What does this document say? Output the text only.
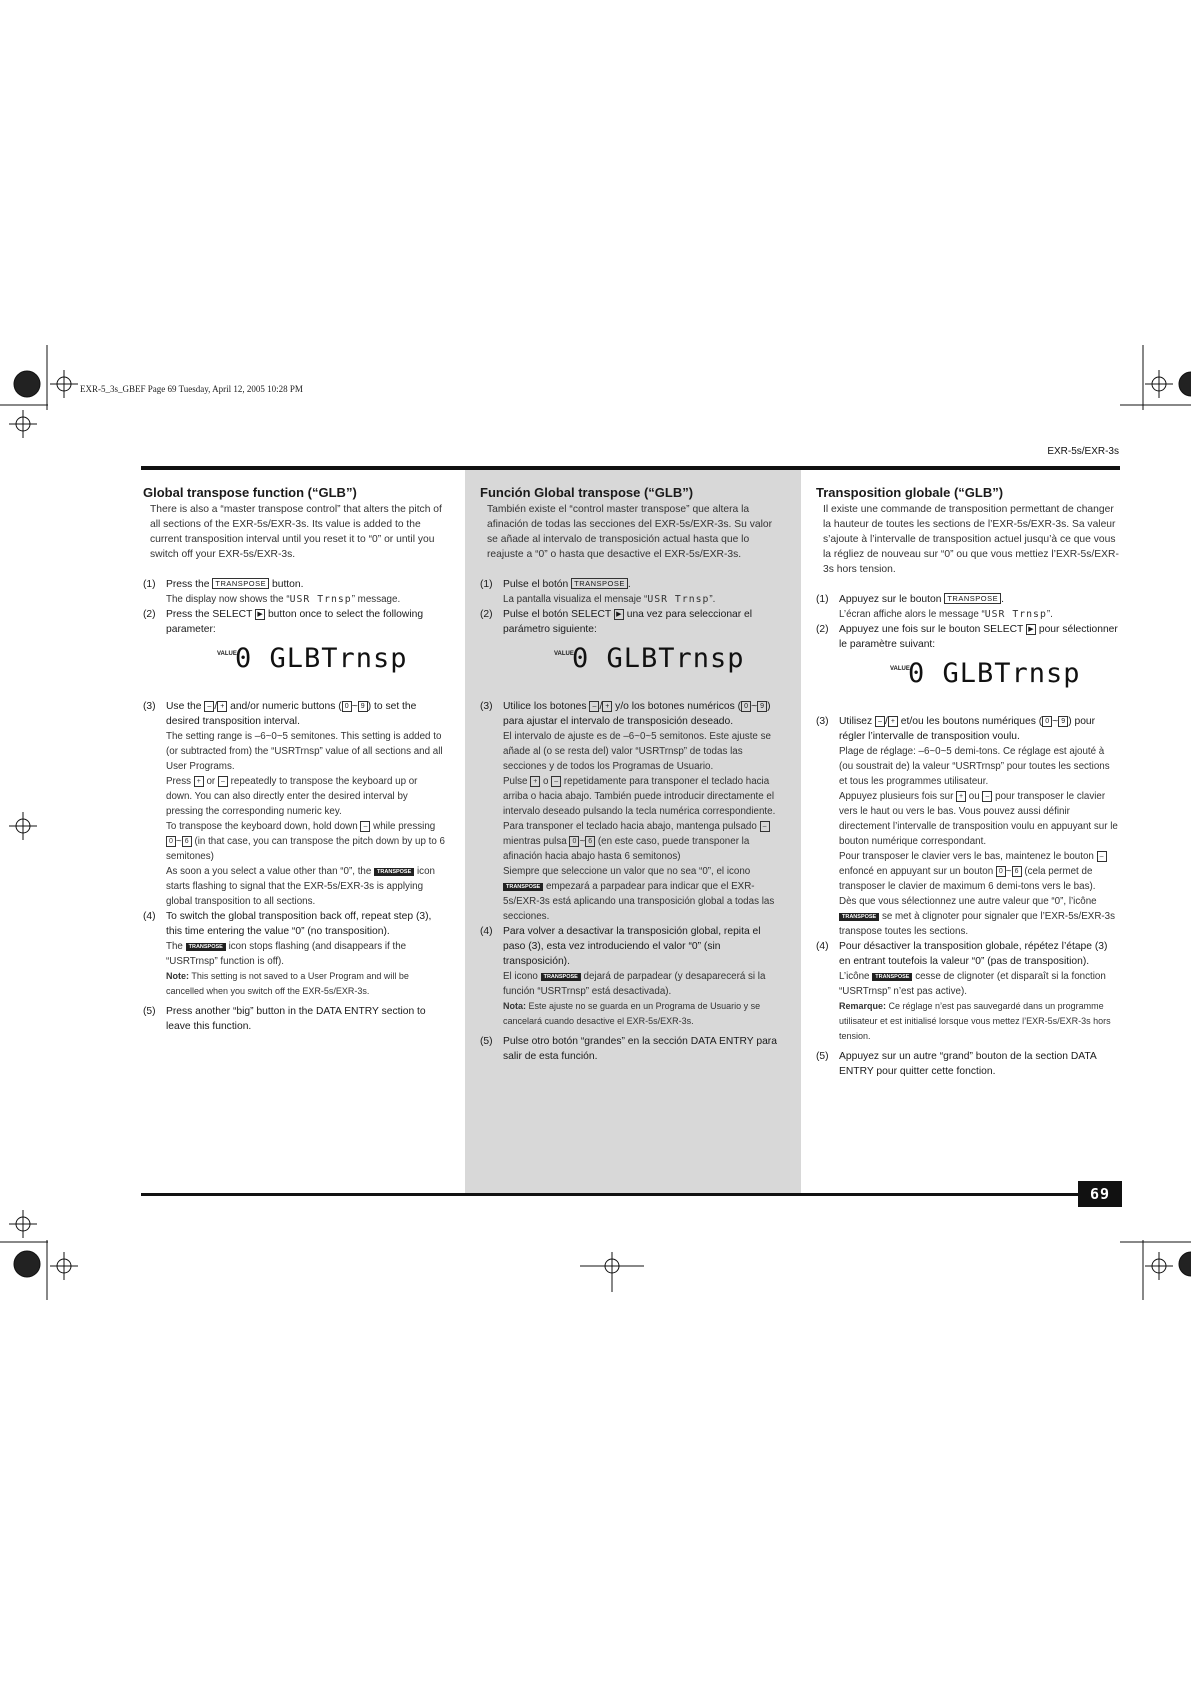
EXR-5_3s_GBEF Page 69 Tuesday, April 12, 2005 10:28 PM
EXR-5s/EXR-3s
69
Global transpose function (“GLB”)

There is also a “master transpose control” that alters the pitch of all sections of the EXR-5s/EXR-3s. Its value is added to the current transposition interval until you reset it to “0” or until you switch off your EXR-5s/EXR-3s.

(1)	Press the TRANSPOSE button.
The display now shows the “USR Trnsp” message.
(2)	Press the SELECT ▶ button once to select the following parameter:
VALUE
0 GLBTrnsp
(3)	Use the – / + and/or numeric buttons ( 0 ~ 9 ) to set the desired transposition interval.

The setting range is –6~0~5 semitones. This setting is added to (or subtracted from) the “USRTrnsp” value of all sections and all User Programs.

Press + or – repeatedly to transpose the keyboard up or down. You can also directly enter the desired interval by pressing the corresponding numeric key.

To transpose the keyboard down, hold down – while pressing 0 ~ 6 (in that case, you can transpose the pitch down by up to 6 semitones)

As soon a you select a value other than “0”, the TRANSPOSE icon starts flashing to signal that the EXR-5s/EXR-3s is applying global transposition to all sections.

(4)	To switch the global transposition back off, repeat step (3), this time entering the value “0” (no transposition).

The TRANSPOSE icon stops flashing (and disappears if the “USRTrnsp” function is off).

Note: This setting is not saved to a User Program and will be cancelled when you switch off the EXR-5s/EXR-3s.

(5)	Press another “big” button in the DATA ENTRY section to leave this function.
Función Global transpose (“GLB”)

También existe el “control master transpose” que altera la afinación de todas las secciones del EXR-5s/EXR-3s. Su valor se añade al intervalo de transposición actual hasta que lo reajuste a “0” o hasta que desactive el EXR-5s/EXR-3s.

(1)	Pulse el botón TRANSPOSE .
La pantalla visualiza el mensaje “USR Trnsp”.
(2)	Pulse el botón SELECT ▶ una vez para seleccionar el parámetro siguiente:
VALUE
0 GLBTrnsp
(3)	Utilice los botones – / + y/o los botones numéricos ( 0 ~ 9 ) para ajustar el intervalo de transposición deseado.

El intervalo de ajuste es de –6~0~5 semitonos. Este ajuste se añade al (o se resta del) valor “USRTrnsp” de todas las secciones y de todos los Programas de Usuario.

Pulse + o – repetidamente para transponer el teclado hacia arriba o hacia abajo. También puede introducir directamente el intervalo deseado pulsando la tecla numérica correspondiente.

Para transponer el teclado hacia abajo, mantenga pulsado – mientras pulsa 0 ~ 6 (en este caso, puede transponer la afinación hacia abajo hasta 6 semitonos)

Siempre que seleccione un valor que no sea “0”, el icono TRANSPOSE empezará a parpadear para indicar que el EXR-5s/EXR-3s está aplicando una transposición global a todas las secciones.

(4)	Para volver a desactivar la transposición global, repita el paso (3), esta vez introduciendo el valor “0” (sin transposición).

El icono TRANSPOSE dejará de parpadear (y desaparecerá si la función “USRTrnsp” está desactivada).

Nota: Este ajuste no se guarda en un Programa de Usuario y se cancelará cuando desactive el EXR-5s/EXR-3s.

(5)	Pulse otro botón “grandes” en la sección DATA ENTRY para salir de esta función.
Transposition globale (“GLB”)

Il existe une commande de transposition permettant de changer la hauteur de toutes les sections de l’EXR-5s/EXR-3s. Sa valeur s’ajoute à l’intervalle de transposition actuel jusqu’à ce que vous la régliez de nouveau sur “0” ou que vous mettiez l’EXR-5s/EXR-3s hors tension.

(1)	Appuyez sur le bouton TRANSPOSE .
L’écran affiche alors le message “USR Trnsp”.
(2)	Appuyez une fois sur le bouton SELECT ▶ pour sélectionner le paramètre suivant:
VALUE
0 GLBTrnsp
(3)	Utilisez – / + et/ou les boutons numériques ( 0 ~ 9 ) pour régler l’intervalle de transposition voulu.

Plage de réglage: –6~0~5 demi-tons. Ce réglage est ajouté à (ou soustrait de) la valeur “USRTrnsp” pour toutes les sections et tous les programmes utilisateur.

Appuyez plusieurs fois sur + ou – pour transposer le clavier vers le haut ou vers le bas. Vous pouvez aussi définir directement l’intervalle de transposition voulu en appuyant sur le bouton numérique correspondant.

Pour transposer le clavier vers le bas, maintenez le bouton – enfoncé en appuyant sur un bouton 0 ~ 6 (cela permet de transposer le clavier de maximum 6 demi-tons vers le bas).

Dès que vous sélectionnez une autre valeur que “0”, l’icône TRANSPOSE se met à clignoter pour signaler que l’EXR-5s/EXR-3s transpose toutes les sections.

(4)	Pour désactiver la transposition globale, répétez l’étape (3) en entrant toutefois la valeur “0” (pas de transposition).

L’icône TRANSPOSE cesse de clignoter (et disparaît si la fonction “USRTrnsp” n’est pas active).

Remarque: Ce réglage n’est pas sauvegardé dans un programme utilisateur et est initialisé lorsque vous mettez l’EXR-5s/EXR-3s hors tension.

(5)	Appuyez sur un autre “grand” bouton de la section DATA ENTRY pour quitter cette fonction.
